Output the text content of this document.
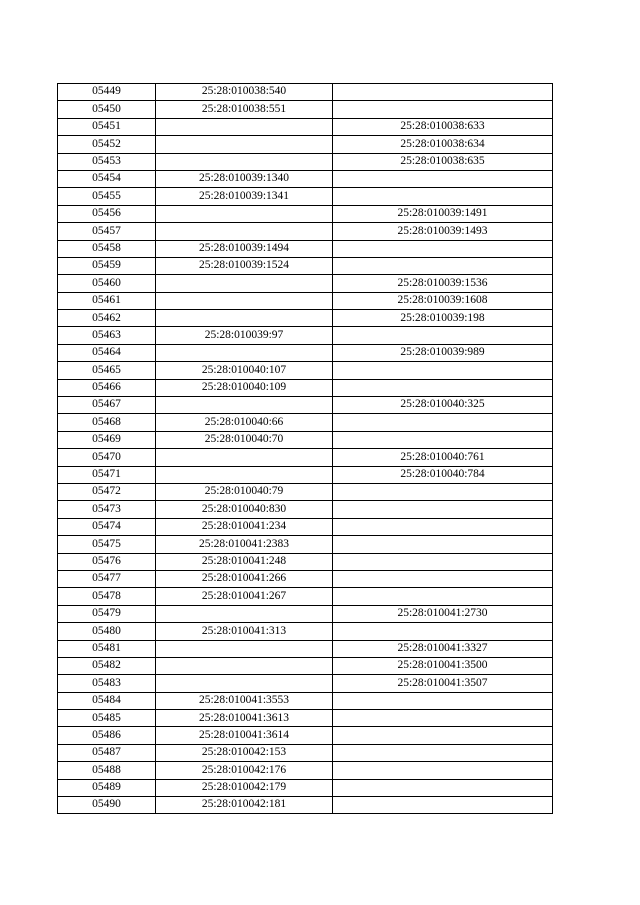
05449	25:28:010038:540	
05450	25:28:010038:551	
05451		25:28:010038:633
05452		25:28:010038:634
05453		25:28:010038:635
05454	25:28:010039:1340	
05455	25:28:010039:1341	
05456		25:28:010039:1491
05457		25:28:010039:1493
05458	25:28:010039:1494	
05459	25:28:010039:1524	
05460		25:28:010039:1536
05461		25:28:010039:1608
05462		25:28:010039:198
05463	25:28:010039:97	
05464		25:28:010039:989
05465	25:28:010040:107	
05466	25:28:010040:109	
05467		25:28:010040:325
05468	25:28:010040:66	
05469	25:28:010040:70	
05470		25:28:010040:761
05471		25:28:010040:784
05472	25:28:010040:79	
05473	25:28:010040:830	
05474	25:28:010041:234	
05475	25:28:010041:2383	
05476	25:28:010041:248	
05477	25:28:010041:266	
05478	25:28:010041:267	
05479		25:28:010041:2730
05480	25:28:010041:313	
05481		25:28:010041:3327
05482		25:28:010041:3500
05483		25:28:010041:3507
05484	25:28:010041:3553	
05485	25:28:010041:3613	
05486	25:28:010041:3614	
05487	25:28:010042:153	
05488	25:28:010042:176	
05489	25:28:010042:179	
05490	25:28:010042:181	
